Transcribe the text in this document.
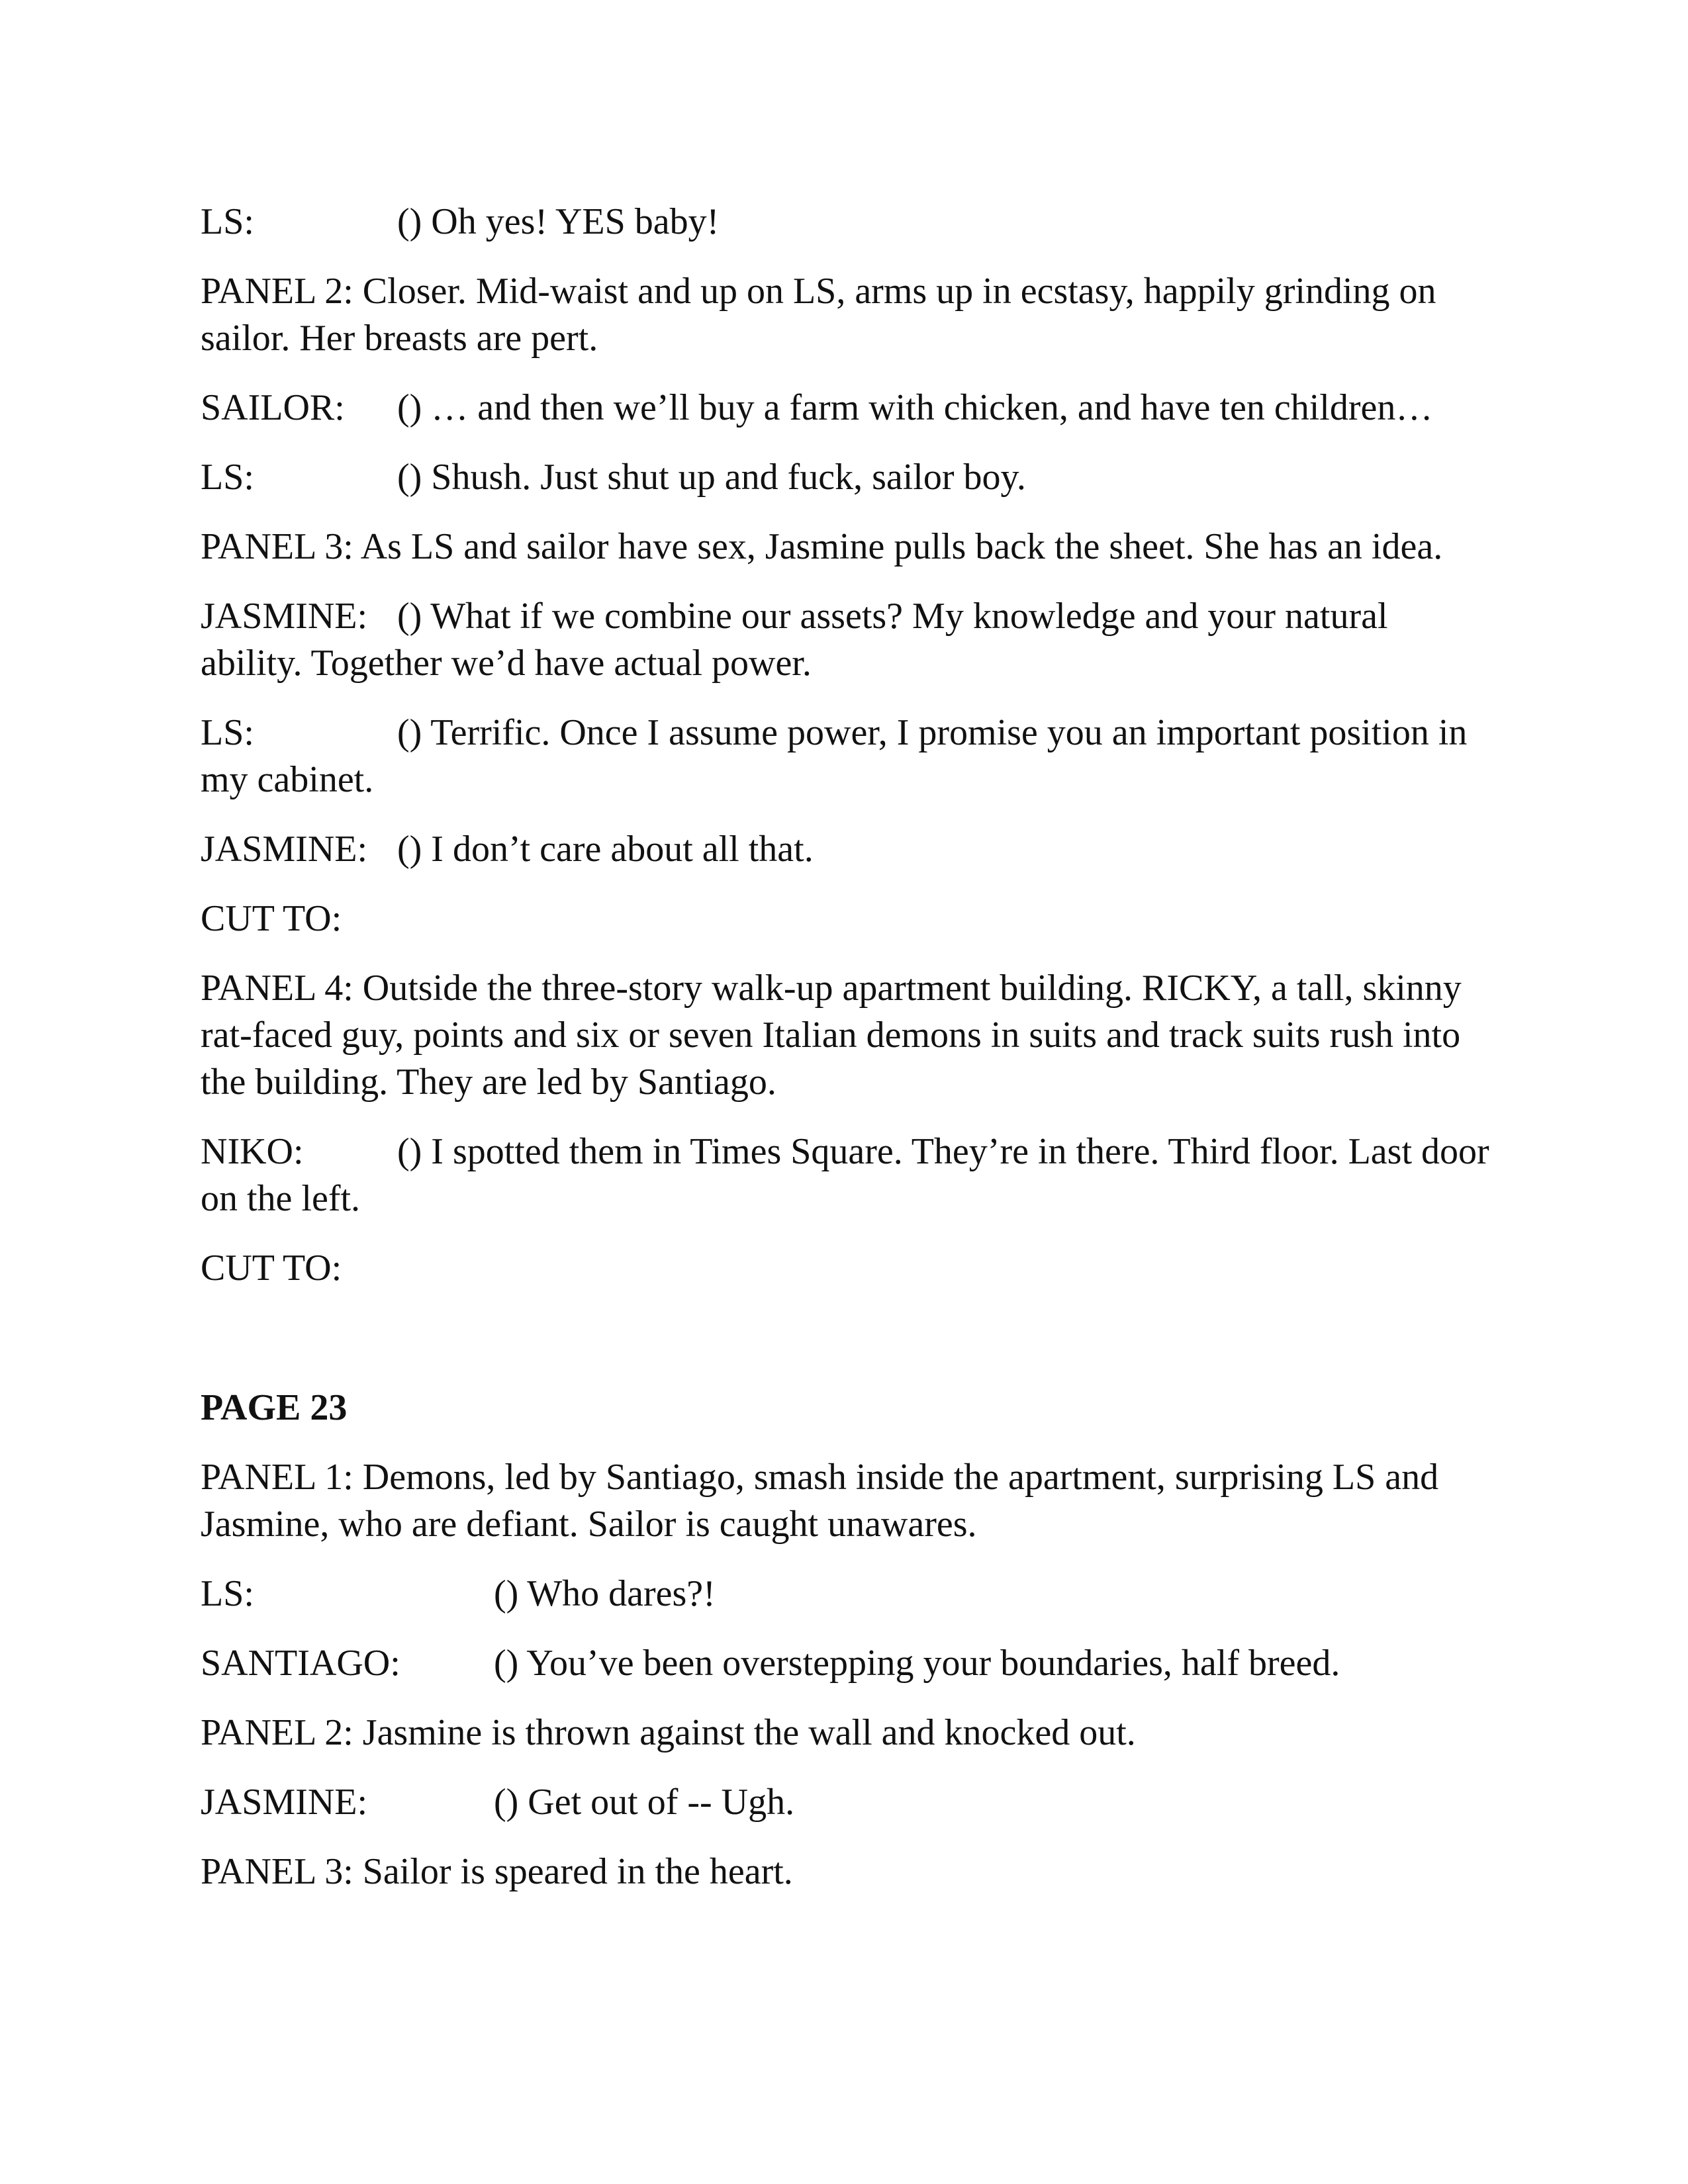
LS:	() Oh yes! YES baby!
PANEL 2: Closer. Mid-waist and up on LS, arms up in ecstasy, happily grinding on sailor. Her breasts are pert.
SAILOR: () … and then we’ll buy a farm with chicken, and have ten children…
LS:	() Shush. Just shut up and fuck, sailor boy.
PANEL 3: As LS and sailor have sex, Jasmine pulls back the sheet. She has an idea.
JASMINE: () What if we combine our assets? My knowledge and your natural ability. Together we’d have actual power.
LS:	() Terrific. Once I assume power, I promise you an important position in my cabinet.
JASMINE: () I don’t care about all that.
CUT TO:
PANEL 4: Outside the three-story walk-up apartment building. RICKY, a tall, skinny rat-faced guy, points and six or seven Italian demons in suits and track suits rush into the building. They are led by Santiago.
NIKO:	() I spotted them in Times Square. They’re in there. Third floor. Last door on the left.
CUT TO:
PAGE 23
PANEL 1: Demons, led by Santiago, smash inside the apartment, surprising LS and Jasmine, who are defiant. Sailor is caught unawares.
LS:	() Who dares?!
SANTIAGO:	() You’ve been overstepping your boundaries, half breed.
PANEL 2: Jasmine is thrown against the wall and knocked out.
JASMINE:	() Get out of -- Ugh.
PANEL 3: Sailor is speared in the heart.
